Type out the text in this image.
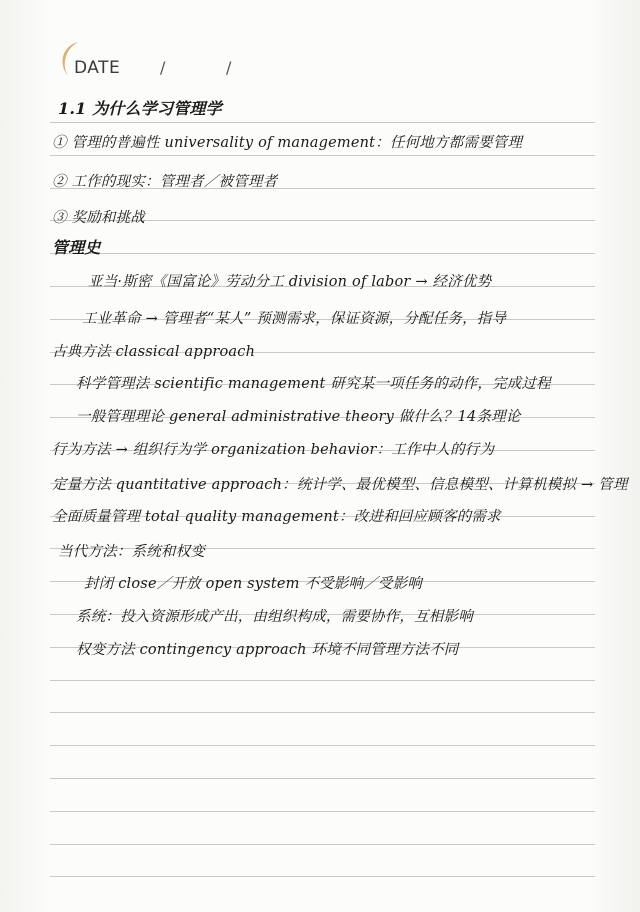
DATE /	/
1.1 为什么学习管理学
① 管理的普遍性 universality of management：任何地方都需要管理
② 工作的现实：管理者／被管理者
③ 奖励和挑战
管理史
亚当·斯密《国富论》劳动分工 division of labor → 经济优势
工业革命 → 管理者“某人” 预测需求，保证资源，分配任务，指导
古典方法 classical approach
科学管理法 scientific management 研究某一项任务的动作，完成过程
一般管理理论 general administrative theory 做什么？14条理论
行为方法 → 组织行为学 organization behavior：工作中人的行为
定量方法 quantitative approach：统计学、最优模型、信息模型、计算机模拟 → 管理
全面质量管理 total quality management：改进和回应顾客的需求
当代方法：系统和权变
封闭 close／开放 open system 不受影响／受影响
系统：投入资源形成产出，由组织构成，需要协作，互相影响
权变方法 contingency approach 环境不同管理方法不同
